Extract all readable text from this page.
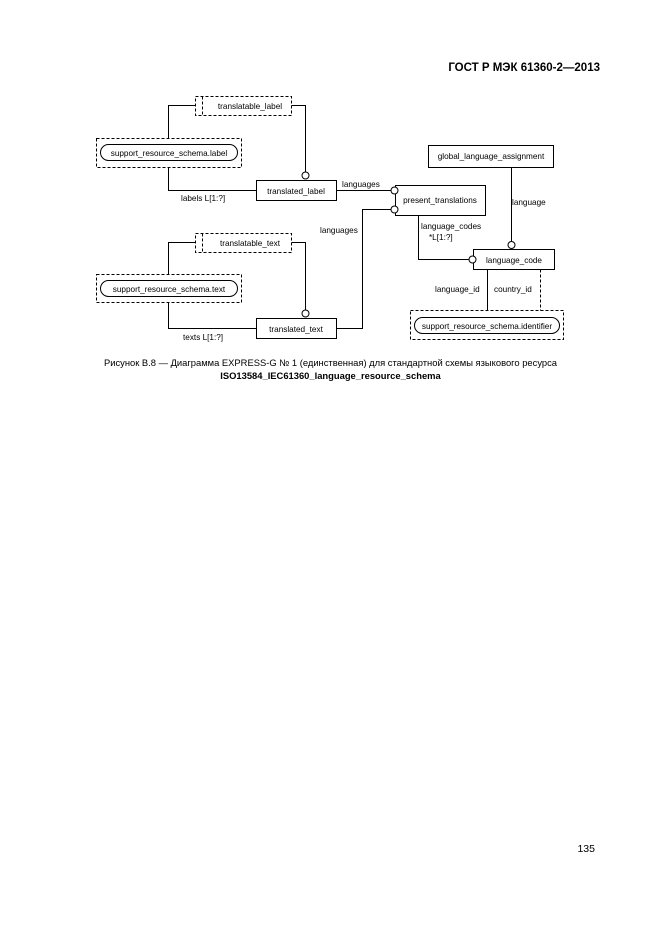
ГОСТ Р МЭК 61360-2—2013
translatable_label
support_resource_schema.label
translated_label
present_translations
global_language_assignment
language_code
translatable_text
support_resource_schema.text
translated_text	support_resource_schema.identifier
labels L[1:?]
languages
language
languages	language_codes
*L[1:?]
language_id country_id
texts L[1:?]
Рисунок В.8 — Диаграмма EXPRESS-G № 1 (единственная) для стандартной схемы языкового ресурса
ISO13584_IEC61360_language_resource_schema
135
